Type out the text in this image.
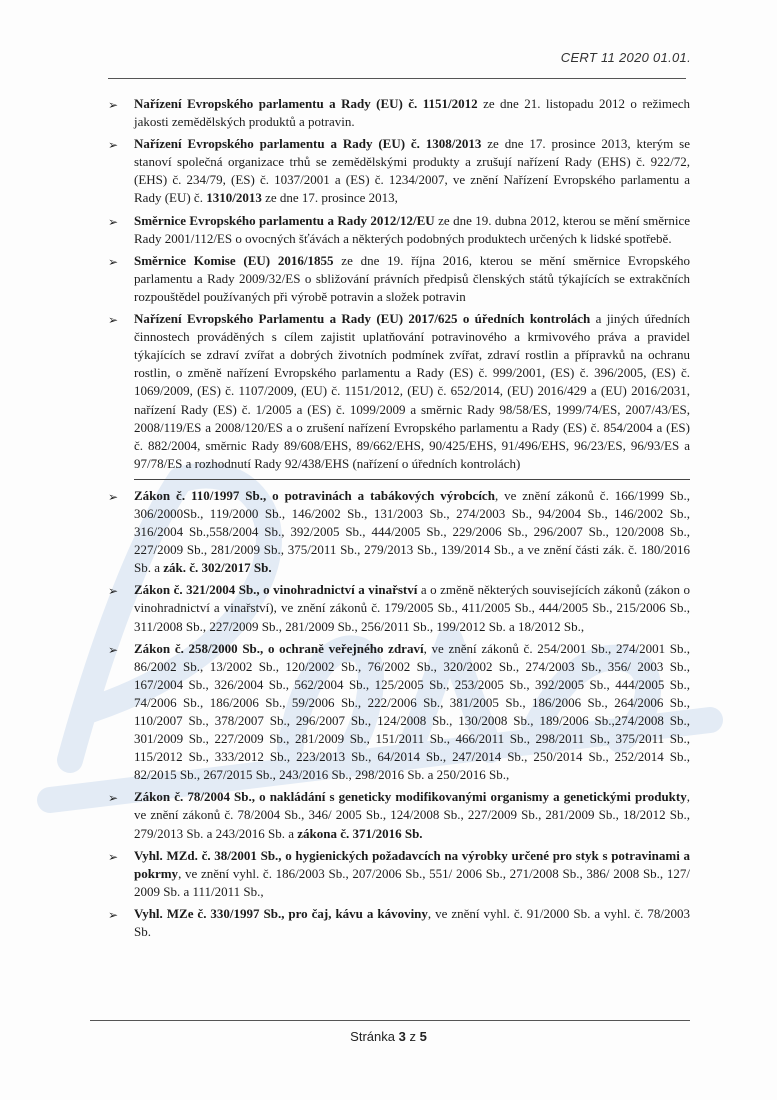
CERT 11 2020 01.01.
➢ Nařízení Evropského parlamentu a Rady (EU) č. 1151/2012 ze dne 21. listopadu 2012 o režimech jakosti zemědělských produktů a potravin.
➢ Nařízení Evropského parlamentu a Rady (EU) č. 1308/2013 ze dne 17. prosince 2013, kterým se stanoví společná organizace trhů se zemědělskými produkty a zrušují nařízení Rady (EHS) č. 922/72, (EHS) č. 234/79, (ES) č. 1037/2001 a (ES) č. 1234/2007, ve znění Nařízení Evropského parlamentu a Rady (EU) č. 1310/2013 ze dne 17. prosince 2013,
➢ Směrnice Evropského parlamentu a Rady 2012/12/EU ze dne 19. dubna 2012, kterou se mění směrnice Rady 2001/112/ES o ovocných šťávách a některých podobných produktech určených k lidské spotřebě.
➢ Směrnice Komise (EU) 2016/1855 ze dne 19. října 2016, kterou se mění směrnice Evropského parlamentu a Rady 2009/32/ES o sbližování právních předpisů členských států týkajících se extrakčních rozpouštědel používaných při výrobě potravin a složek potravin
➢ Nařízení Evropského Parlamentu a Rady (EU) 2017/625 o úředních kontrolách a jiných úředních činnostech prováděných s cílem zajistit uplatňování potravinového a krmivového práva a pravidel týkajících se zdraví zvířat a dobrých životních podmínek zvířat, zdraví rostlin a přípravků na ochranu rostlin, o změně nařízení Evropského parlamentu a Rady (ES) č. 999/2001, (ES) č. 396/2005, (ES) č. 1069/2009, (ES) č. 1107/2009, (EU) č. 1151/2012, (EU) č. 652/2014, (EU) 2016/429 a (EU) 2016/2031, nařízení Rady (ES) č. 1/2005 a (ES) č. 1099/2009 a směrnic Rady 98/58/ES, 1999/74/ES, 2007/43/ES, 2008/119/ES a 2008/120/ES a o zrušení nařízení Evropského parlamentu a Rady (ES) č. 854/2004 a (ES) č. 882/2004, směrnic Rady 89/608/EHS, 89/662/EHS, 90/425/EHS, 91/496/EHS, 96/23/ES, 96/93/ES a 97/78/ES a rozhodnutí Rady 92/438/EHS (nařízení o úředních kontrolách)
➢ Zákon č. 110/1997 Sb., o potravinách a tabákových výrobcích, ve znění zákonů č. 166/1999 Sb., 306/2000Sb., 119/2000 Sb., 146/2002 Sb., 131/2003 Sb., 274/2003 Sb., 94/2004 Sb., 146/2002 Sb., 316/2004 Sb.,558/2004 Sb., 392/2005 Sb., 444/2005 Sb., 229/2006 Sb., 296/2007 Sb., 120/2008 Sb., 227/2009 Sb., 281/2009 Sb., 375/2011 Sb., 279/2013 Sb., 139/2014 Sb., a ve znění části zák. č. 180/2016 Sb. a zák. č. 302/2017 Sb.
➢ Zákon č. 321/2004 Sb., o vinohradnictví a vinařství a o změně některých souvisejících zákonů (zákon o vinohradnictví a vinařství), ve znění zákonů č. 179/2005 Sb., 411/2005 Sb., 444/2005 Sb., 215/2006 Sb., 311/2008 Sb., 227/2009 Sb., 281/2009 Sb., 256/2011 Sb., 199/2012 Sb. a 18/2012 Sb.,
➢ Zákon č. 258/2000 Sb., o ochraně veřejného zdraví, ve znění zákonů č. 254/2001 Sb., 274/2001 Sb., 86/2002 Sb., 13/2002 Sb., 120/2002 Sb., 76/2002 Sb., 320/2002 Sb., 274/2003 Sb., 356/ 2003 Sb., 167/2004 Sb., 326/2004 Sb., 562/2004 Sb., 125/2005 Sb., 253/2005 Sb., 392/2005 Sb., 444/2005 Sb., 74/2006 Sb., 186/2006 Sb., 59/2006 Sb., 222/2006 Sb., 381/2005 Sb., 186/2006 Sb., 264/2006 Sb., 110/2007 Sb., 378/2007 Sb., 296/2007 Sb., 124/2008 Sb., 130/2008 Sb., 189/2006 Sb.,274/2008 Sb., 301/2009 Sb., 227/2009 Sb., 281/2009 Sb., 151/2011 Sb., 466/2011 Sb., 298/2011 Sb., 375/2011 Sb., 115/2012 Sb., 333/2012 Sb., 223/2013 Sb., 64/2014 Sb., 247/2014 Sb., 250/2014 Sb., 252/2014 Sb., 82/2015 Sb., 267/2015 Sb., 243/2016 Sb., 298/2016 Sb. a 250/2016 Sb.,
➢ Zákon č. 78/2004 Sb., o nakládání s geneticky modifikovanými organismy a genetickými produkty, ve znění zákonů č. 78/2004 Sb., 346/ 2005 Sb., 124/2008 Sb., 227/2009 Sb., 281/2009 Sb., 18/2012 Sb., 279/2013 Sb. a 243/2016 Sb. a zákona č. 371/2016 Sb.
➢ Vyhl. MZd. č. 38/2001 Sb., o hygienických požadavcích na výrobky určené pro styk s potravinami a pokrmy, ve znění vyhl. č. 186/2003 Sb., 207/2006 Sb., 551/ 2006 Sb., 271/2008 Sb., 386/ 2008 Sb., 127/ 2009 Sb. a 111/2011 Sb.,
➢ Vyhl. MZe č. 330/1997 Sb., pro čaj, kávu a kávoviny, ve znění vyhl. č. 91/2000 Sb. a vyhl. č. 78/2003 Sb.
Stránka 3 z 5
